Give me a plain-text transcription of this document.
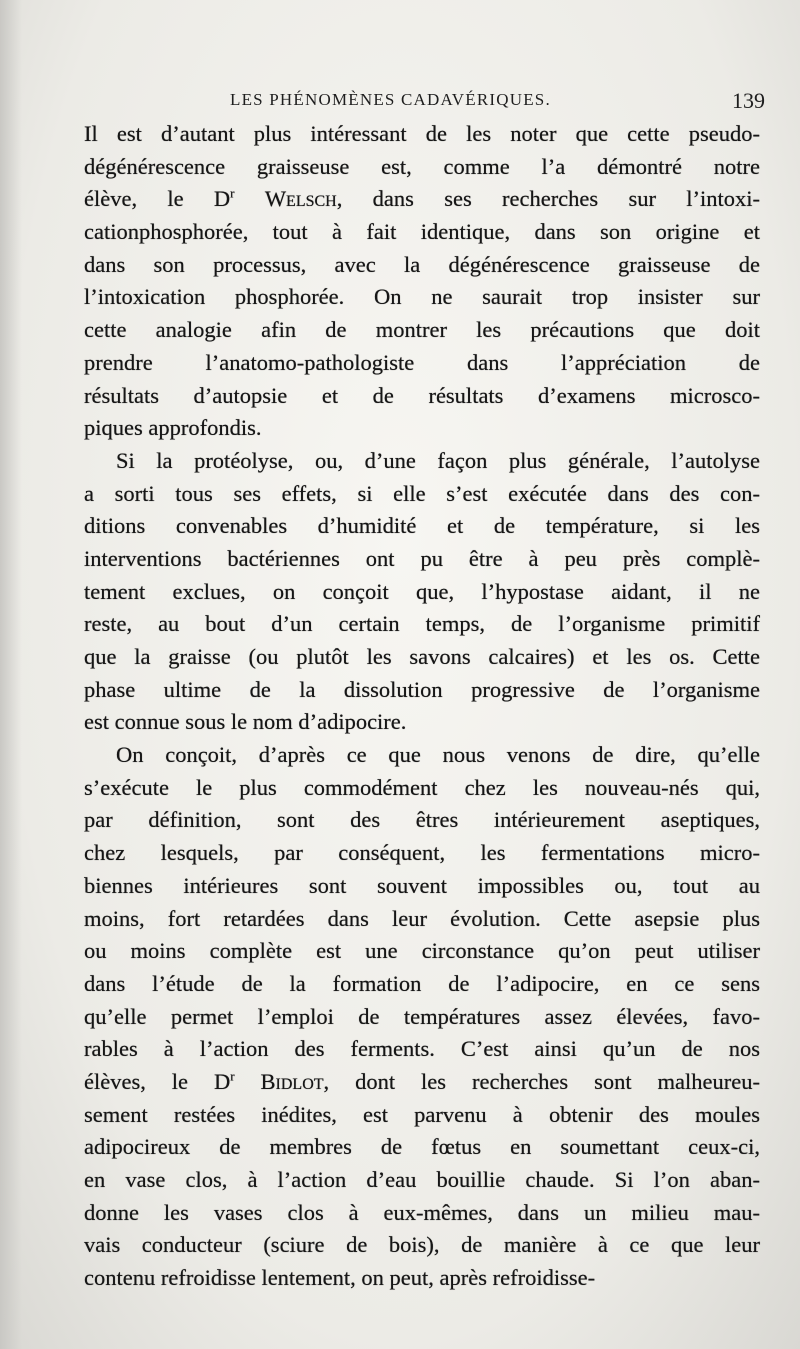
LES PHÉNOMÈNES CADAVÉRIQUES.	139

Il est d’autant plus intéressant de les noter que cette pseudo-
dégénérescence graisseuse est, comme l’a démontré notre
élève, le $D^r$ Welsch, dans ses recherches sur l’intoxi-
cationphosphorée, tout à fait identique, dans son origine et
dans son processus, avec la dégénérescence graisseuse de
l’intoxication phosphorée. On ne saurait trop insister sur
cette analogie afin de montrer les précautions que doit
prendre l’anatomo-pathologiste dans l’appréciation de
résultats d’autopsie et de résultats d’examens microsco-
piques approfondis.

Si la protéolyse, ou, d’une façon plus générale, l’autolyse
a sorti tous ses effets, si elle s’est exécutée dans des con-
ditions convenables d’humidité et de température, si les
interventions bactériennes ont pu être à peu près complè-
tement exclues, on conçoit que, l’hypostase aidant, il ne
reste, au bout d’un certain temps, de l’organisme primitif
que la graisse (ou plutôt les savons calcaires) et les os. Cette
phase ultime de la dissolution progressive de l’organisme
est connue sous le nom d’adipocire.

On conçoit, d’après ce que nous venons de dire, qu’elle
s’exécute le plus commodément chez les nouveau-nés qui,
par définition, sont des êtres intérieurement aseptiques,
chez lesquels, par conséquent, les fermentations micro-
biennes intérieures sont souvent impossibles ou, tout au
moins, fort retardées dans leur évolution. Cette asepsie plus
ou moins complète est une circonstance qu’on peut utiliser
dans l’étude de la formation de l’adipocire, en ce sens
qu’elle permet l’emploi de températures assez élevées, favo-
rables à l’action des ferments. C’est ainsi qu’un de nos
élèves, le $D^r$ Bidlot, dont les recherches sont malheureu-
sement restées inédites, est parvenu à obtenir des moules
adipocireux de membres de fœtus en soumettant ceux-ci,
en vase clos, à l’action d’eau bouillie chaude. Si l’on aban-
donne les vases clos à eux-mêmes, dans un milieu mau-
vais conducteur (sciure de bois), de manière à ce que leur
contenu refroidisse lentement, on peut, après refroidisse-
